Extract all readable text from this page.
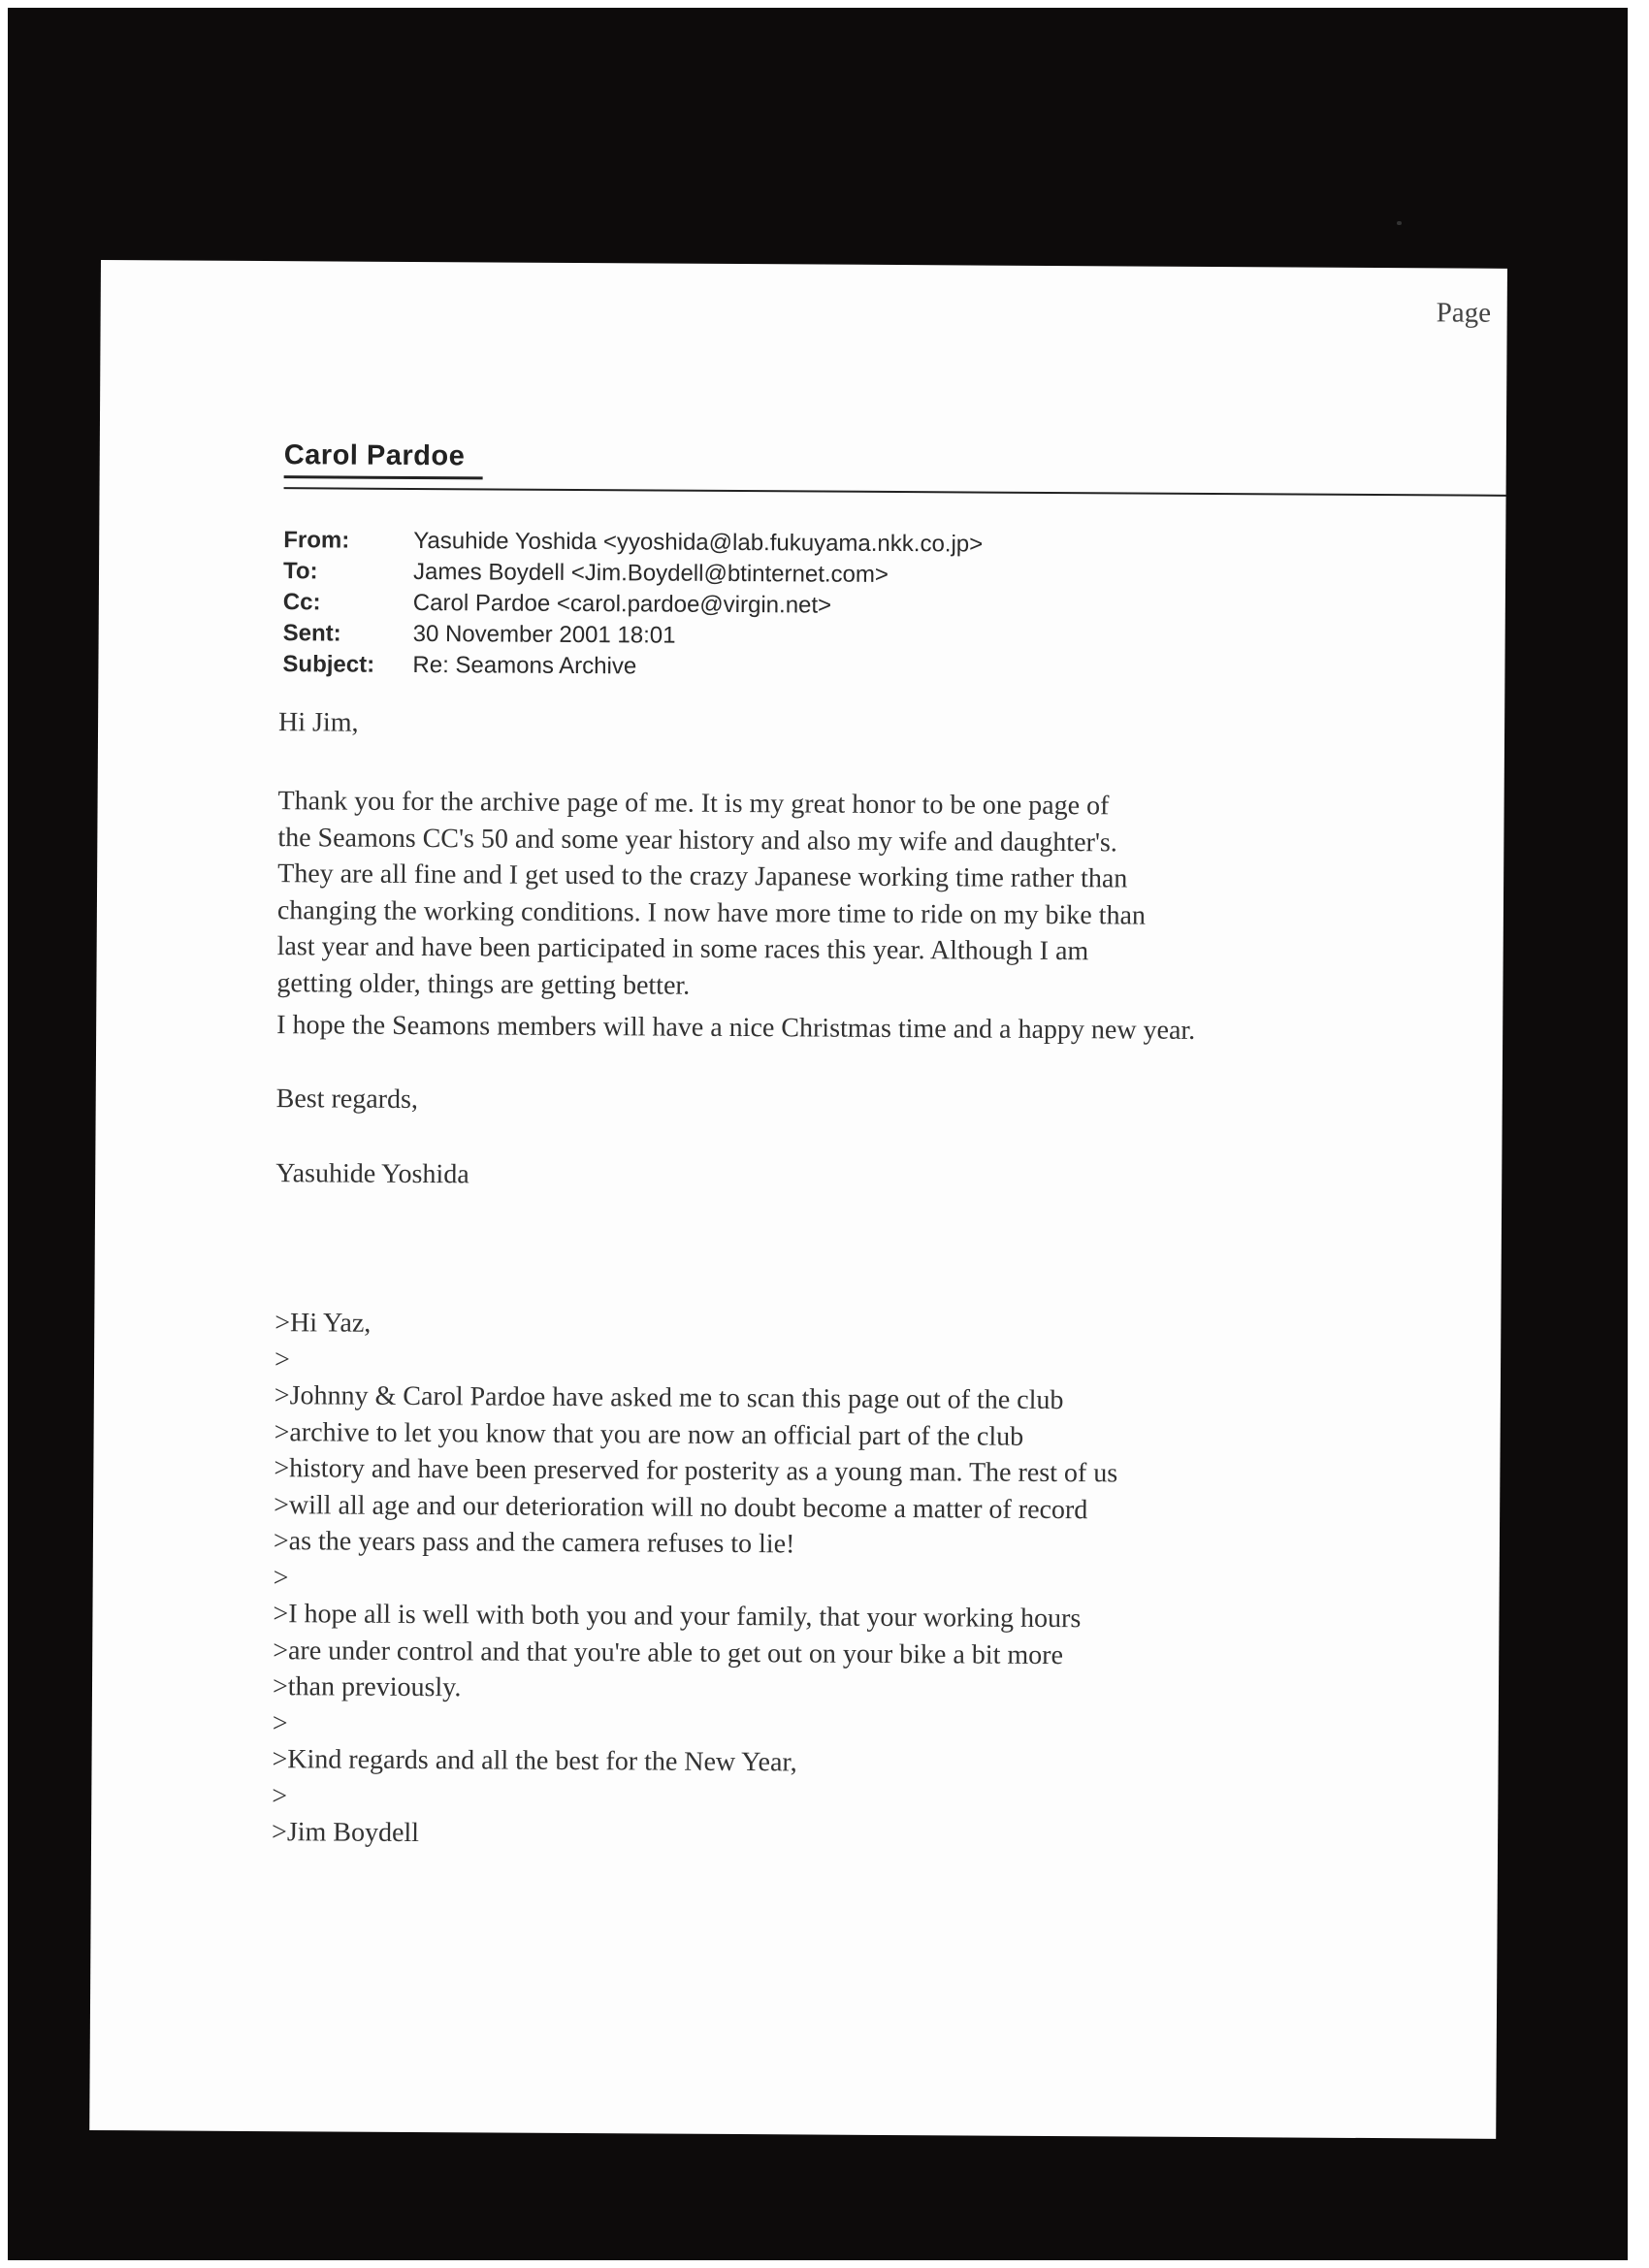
Page
Carol Pardoe
From:	Yasuhide Yoshida <yyoshida@lab.fukuyama.nkk.co.jp>
To:	James Boydell <Jim.Boydell@btinternet.com>
Cc:	Carol Pardoe <carol.pardoe@virgin.net>
Sent:	30 November 2001 18:01
Subject:	Re: Seamons Archive
Hi Jim,
Thank you for the archive page of me. It is my great honor to be one page of
the Seamons CC's 50 and some year history and also my wife and daughter's.
They are all fine and I get used to the crazy Japanese working time rather than
changing the working conditions. I now have more time to ride on my bike than
last year and have been participated in some races this year. Although I am
getting older, things are getting better.
I hope the Seamons members will have a nice Christmas time and a happy new year.
Best regards,
Yasuhide Yoshida
>Hi Yaz,
>
>Johnny & Carol Pardoe have asked me to scan this page out of the club
>archive to let you know that you are now an official part of the club
>history and have been preserved for posterity as a young man. The rest of us
>will all age and our deterioration will no doubt become a matter of record
>as the years pass and the camera refuses to lie!
>
>I hope all is well with both you and your family, that your working hours
>are under control and that you're able to get out on your bike a bit more
>than previously.
>
>Kind regards and all the best for the New Year,
>
>Jim Boydell
